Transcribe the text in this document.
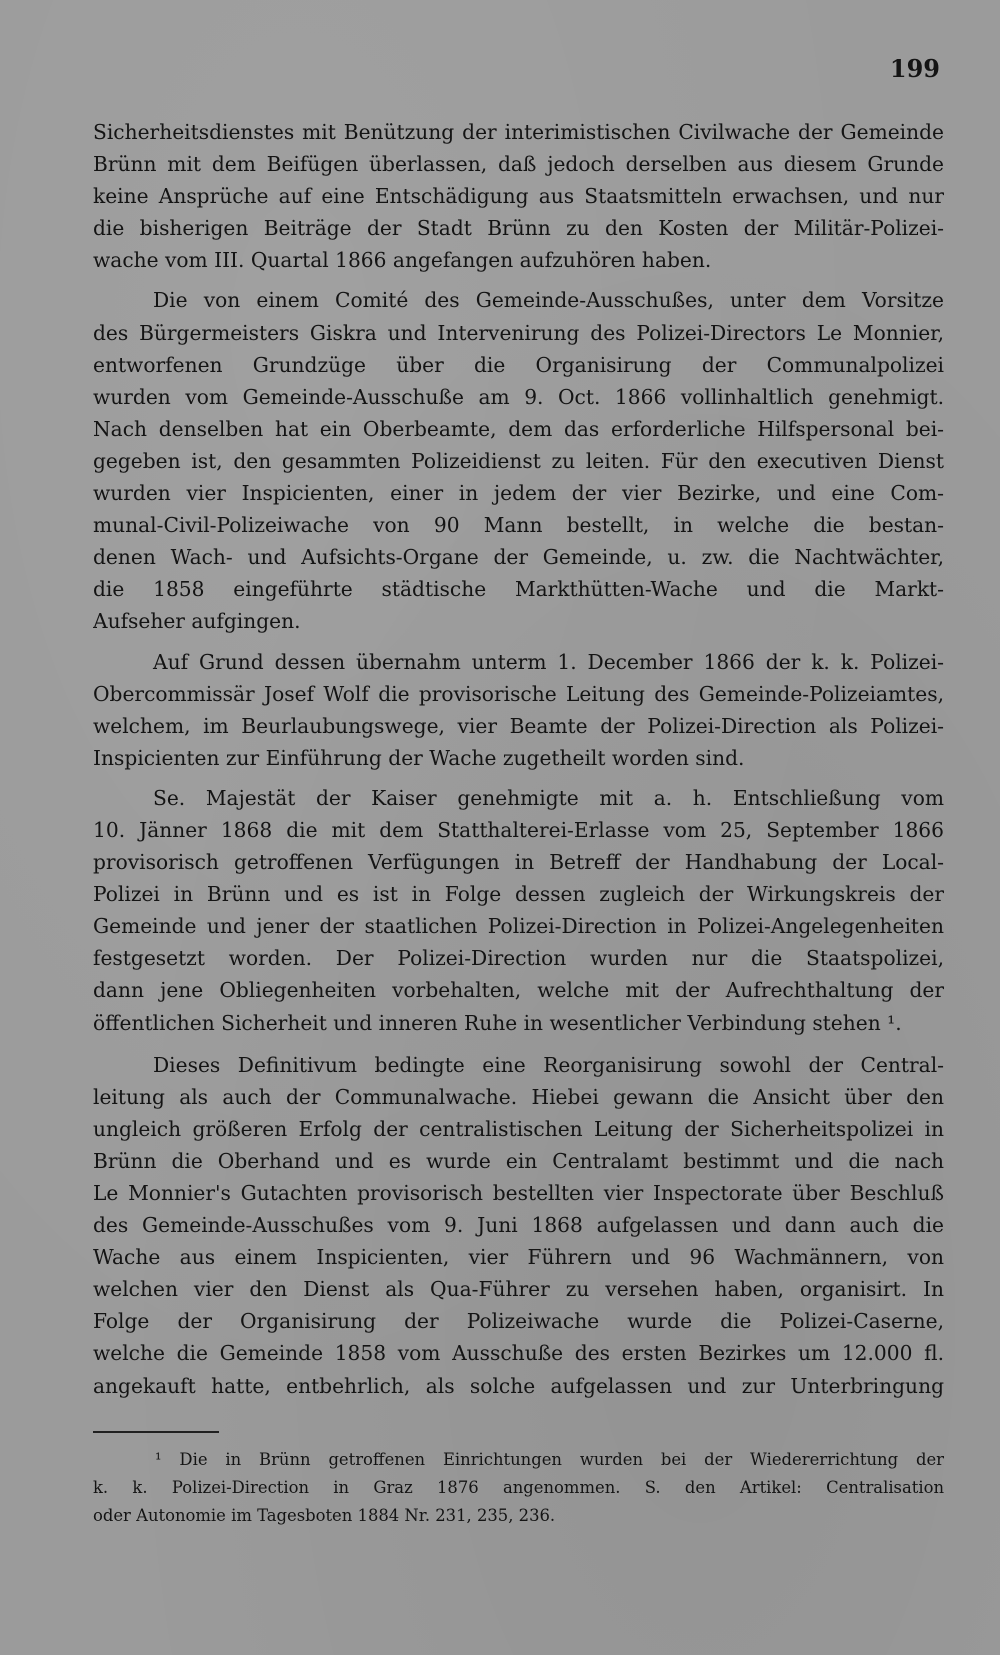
199
Sicherheitsdienstes mit Benützung der interimistischen Civilwache der Gemeinde
Brünn mit dem Beifügen überlassen, daß jedoch derselben aus diesem Grunde
keine Ansprüche auf eine Entschädigung aus Staatsmitteln erwachsen, und nur
die bisherigen Beiträge der Stadt Brünn zu den Kosten der Militär-Polizei-
wache vom III. Quartal 1866 angefangen aufzuhören haben.
Die von einem Comité des Gemeinde-Ausschußes, unter dem Vorsitze
des Bürgermeisters Giskra und Intervenirung des Polizei-Directors Le Monnier,
entworfenen Grundzüge über die Organisirung der Communalpolizei
wurden vom Gemeinde-Ausschuße am 9. Oct. 1866 vollinhaltlich genehmigt.
Nach denselben hat ein Oberbeamte, dem das erforderliche Hilfspersonal bei-
gegeben ist, den gesammten Polizeidienst zu leiten. Für den executiven Dienst
wurden vier Inspicienten, einer in jedem der vier Bezirke, und eine Com-
munal-Civil-Polizeiwache von 90 Mann bestellt, in welche die bestan-
denen Wach- und Aufsichts-Organe der Gemeinde, u. zw. die Nachtwächter,
die 1858 eingeführte städtische Markthütten-Wache und die Markt-
Aufseher aufgingen.
Auf Grund dessen übernahm unterm 1. December 1866 der k. k. Polizei-
Obercommissär Josef Wolf die provisorische Leitung des Gemeinde-Polizeiamtes,
welchem, im Beurlaubungswege, vier Beamte der Polizei-Direction als Polizei-
Inspicienten zur Einführung der Wache zugetheilt worden sind.
Se. Majestät der Kaiser genehmigte mit a. h. Entschließung vom
10. Jänner 1868 die mit dem Statthalterei-Erlasse vom 25, September 1866
provisorisch getroffenen Verfügungen in Betreff der Handhabung der Local-
Polizei in Brünn und es ist in Folge dessen zugleich der Wirkungskreis der
Gemeinde und jener der staatlichen Polizei-Direction in Polizei-Angelegenheiten
festgesetzt worden. Der Polizei-Direction wurden nur die Staatspolizei,
dann jene Obliegenheiten vorbehalten, welche mit der Aufrechthaltung der
öffentlichen Sicherheit und inneren Ruhe in wesentlicher Verbindung stehen ¹.
Dieses Definitivum bedingte eine Reorganisirung sowohl der Central-
leitung als auch der Communalwache. Hiebei gewann die Ansicht über den
ungleich größeren Erfolg der centralistischen Leitung der Sicherheitspolizei in
Brünn die Oberhand und es wurde ein Centralamt bestimmt und die nach
Le Monnier's Gutachten provisorisch bestellten vier Inspectorate über Beschluß
des Gemeinde-Ausschußes vom 9. Juni 1868 aufgelassen und dann auch die
Wache aus einem Inspicienten, vier Führern und 96 Wachmännern, von
welchen vier den Dienst als Qua-Führer zu versehen haben, organisirt. In
Folge der Organisirung der Polizeiwache wurde die Polizei-Caserne,
welche die Gemeinde 1858 vom Ausschuße des ersten Bezirkes um 12.000 fl.
angekauft hatte, entbehrlich, als solche aufgelassen und zur Unterbringung
¹ Die in Brünn getroffenen Einrichtungen wurden bei der Wiedererrichtung der
k. k. Polizei-Direction in Graz 1876 angenommen. S. den Artikel: Centralisation
oder Autonomie im Tagesboten 1884 Nr. 231, 235, 236.
